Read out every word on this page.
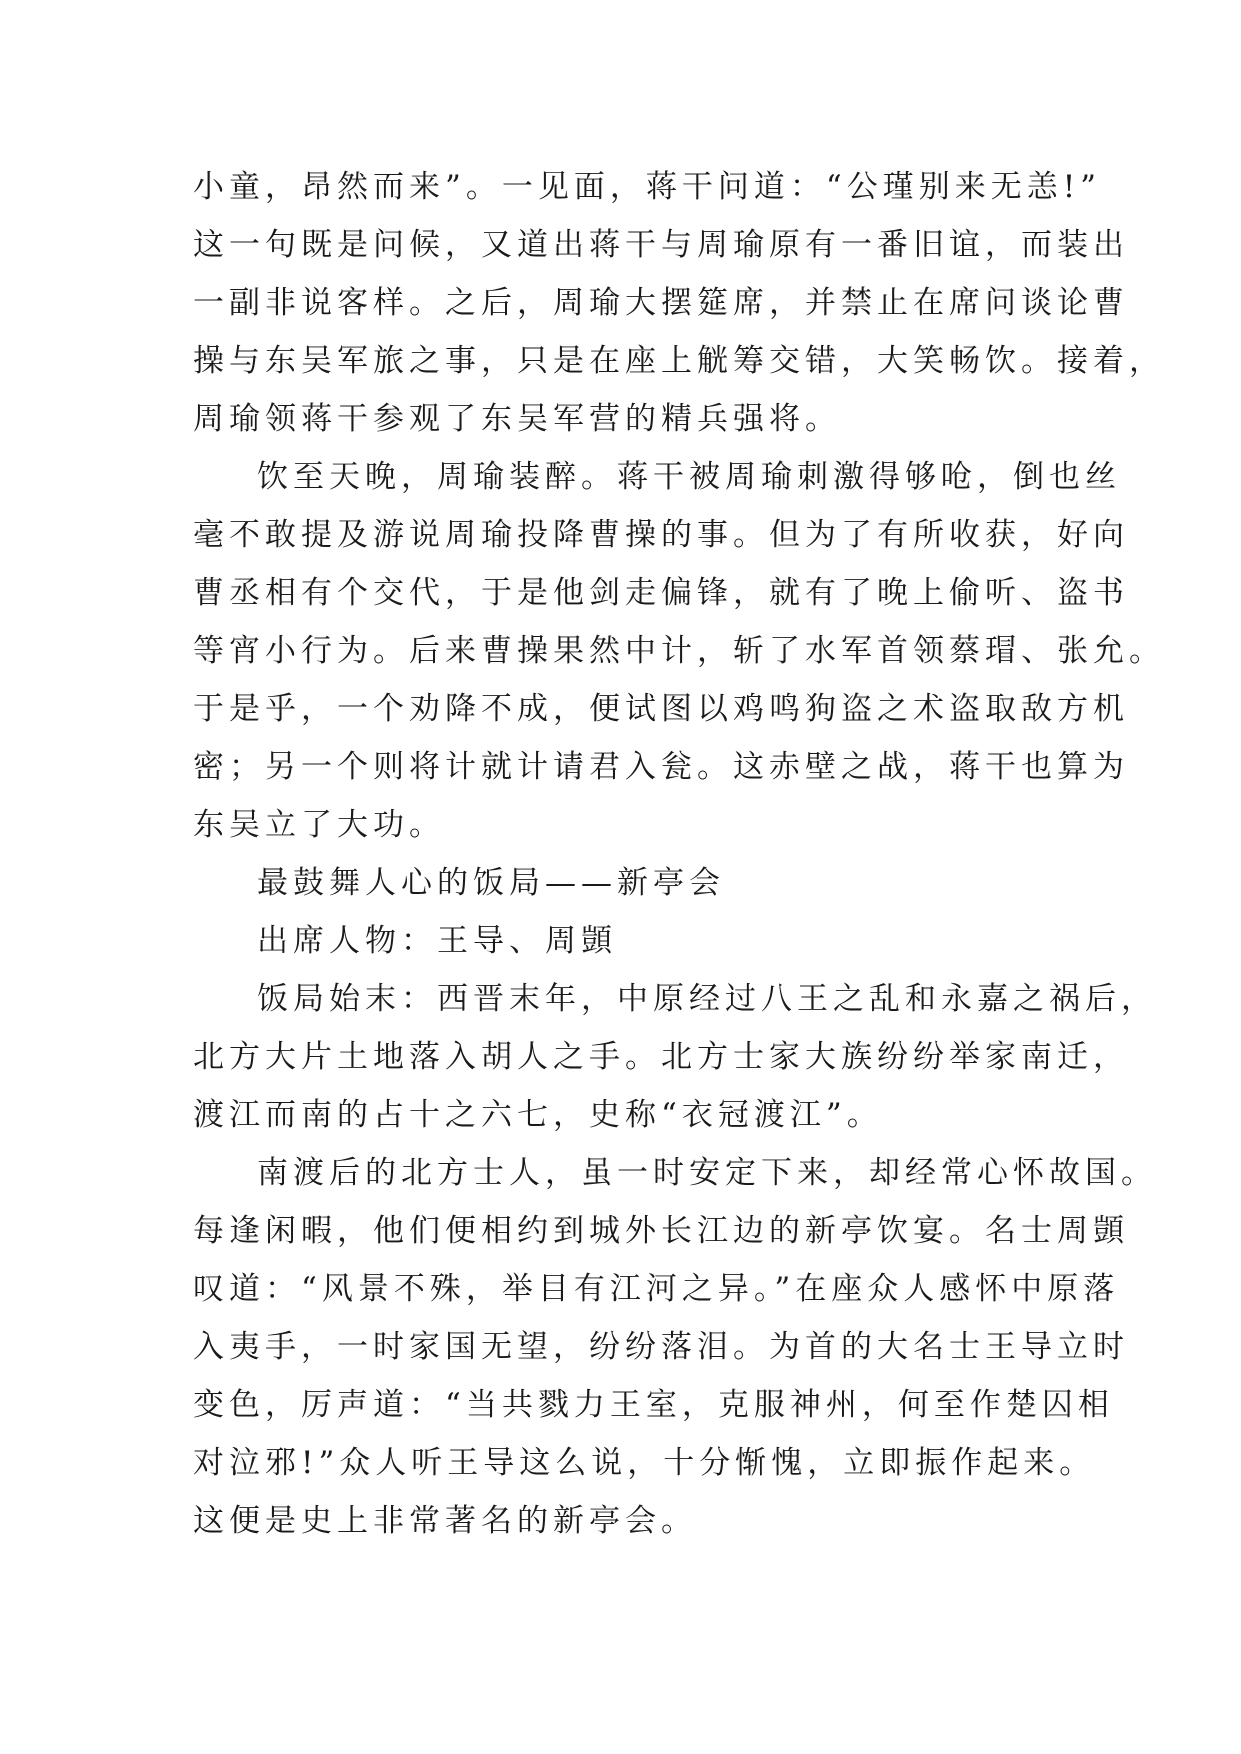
小童，昂然而来”。一见面，蒋干问道：“公瑾别来无恙!”
这一句既是问候，又道出蒋干与周瑜原有一番旧谊，而装出
一副非说客样。之后，周瑜大摆筵席，并禁止在席问谈论曹
操与东吴军旅之事，只是在座上觥筹交错，大笑畅饮。接着，
周瑜领蒋干参观了东吴军营的精兵强将。
饮至天晚，周瑜装醉。蒋干被周瑜刺激得够呛，倒也丝
毫不敢提及游说周瑜投降曹操的事。但为了有所收获，好向
曹丞相有个交代，于是他剑走偏锋，就有了晚上偷听、盗书
等宵小行为。后来曹操果然中计，斩了水军首领蔡瑁、张允。
于是乎，一个劝降不成，便试图以鸡鸣狗盗之术盗取敌方机
密；另一个则将计就计请君入瓮。这赤壁之战，蒋干也算为
东吴立了大功。
最鼓舞人心的饭局——新亭会
出席人物：王导、周顗
饭局始末：西晋末年，中原经过八王之乱和永嘉之祸后，
北方大片土地落入胡人之手。北方士家大族纷纷举家南迁，
渡江而南的占十之六七，史称“衣冠渡江”。
南渡后的北方士人，虽一时安定下来，却经常心怀故国。
每逢闲暇，他们便相约到城外长江边的新亭饮宴。名士周顗
叹道：“风景不殊，举目有江河之异。”在座众人感怀中原落
入夷手，一时家国无望，纷纷落泪。为首的大名士王导立时
变色，厉声道：“当共戮力王室，克服神州，何至作楚囚相
对泣邪!”众人听王导这么说，十分惭愧，立即振作起来。
这便是史上非常著名的新亭会。
